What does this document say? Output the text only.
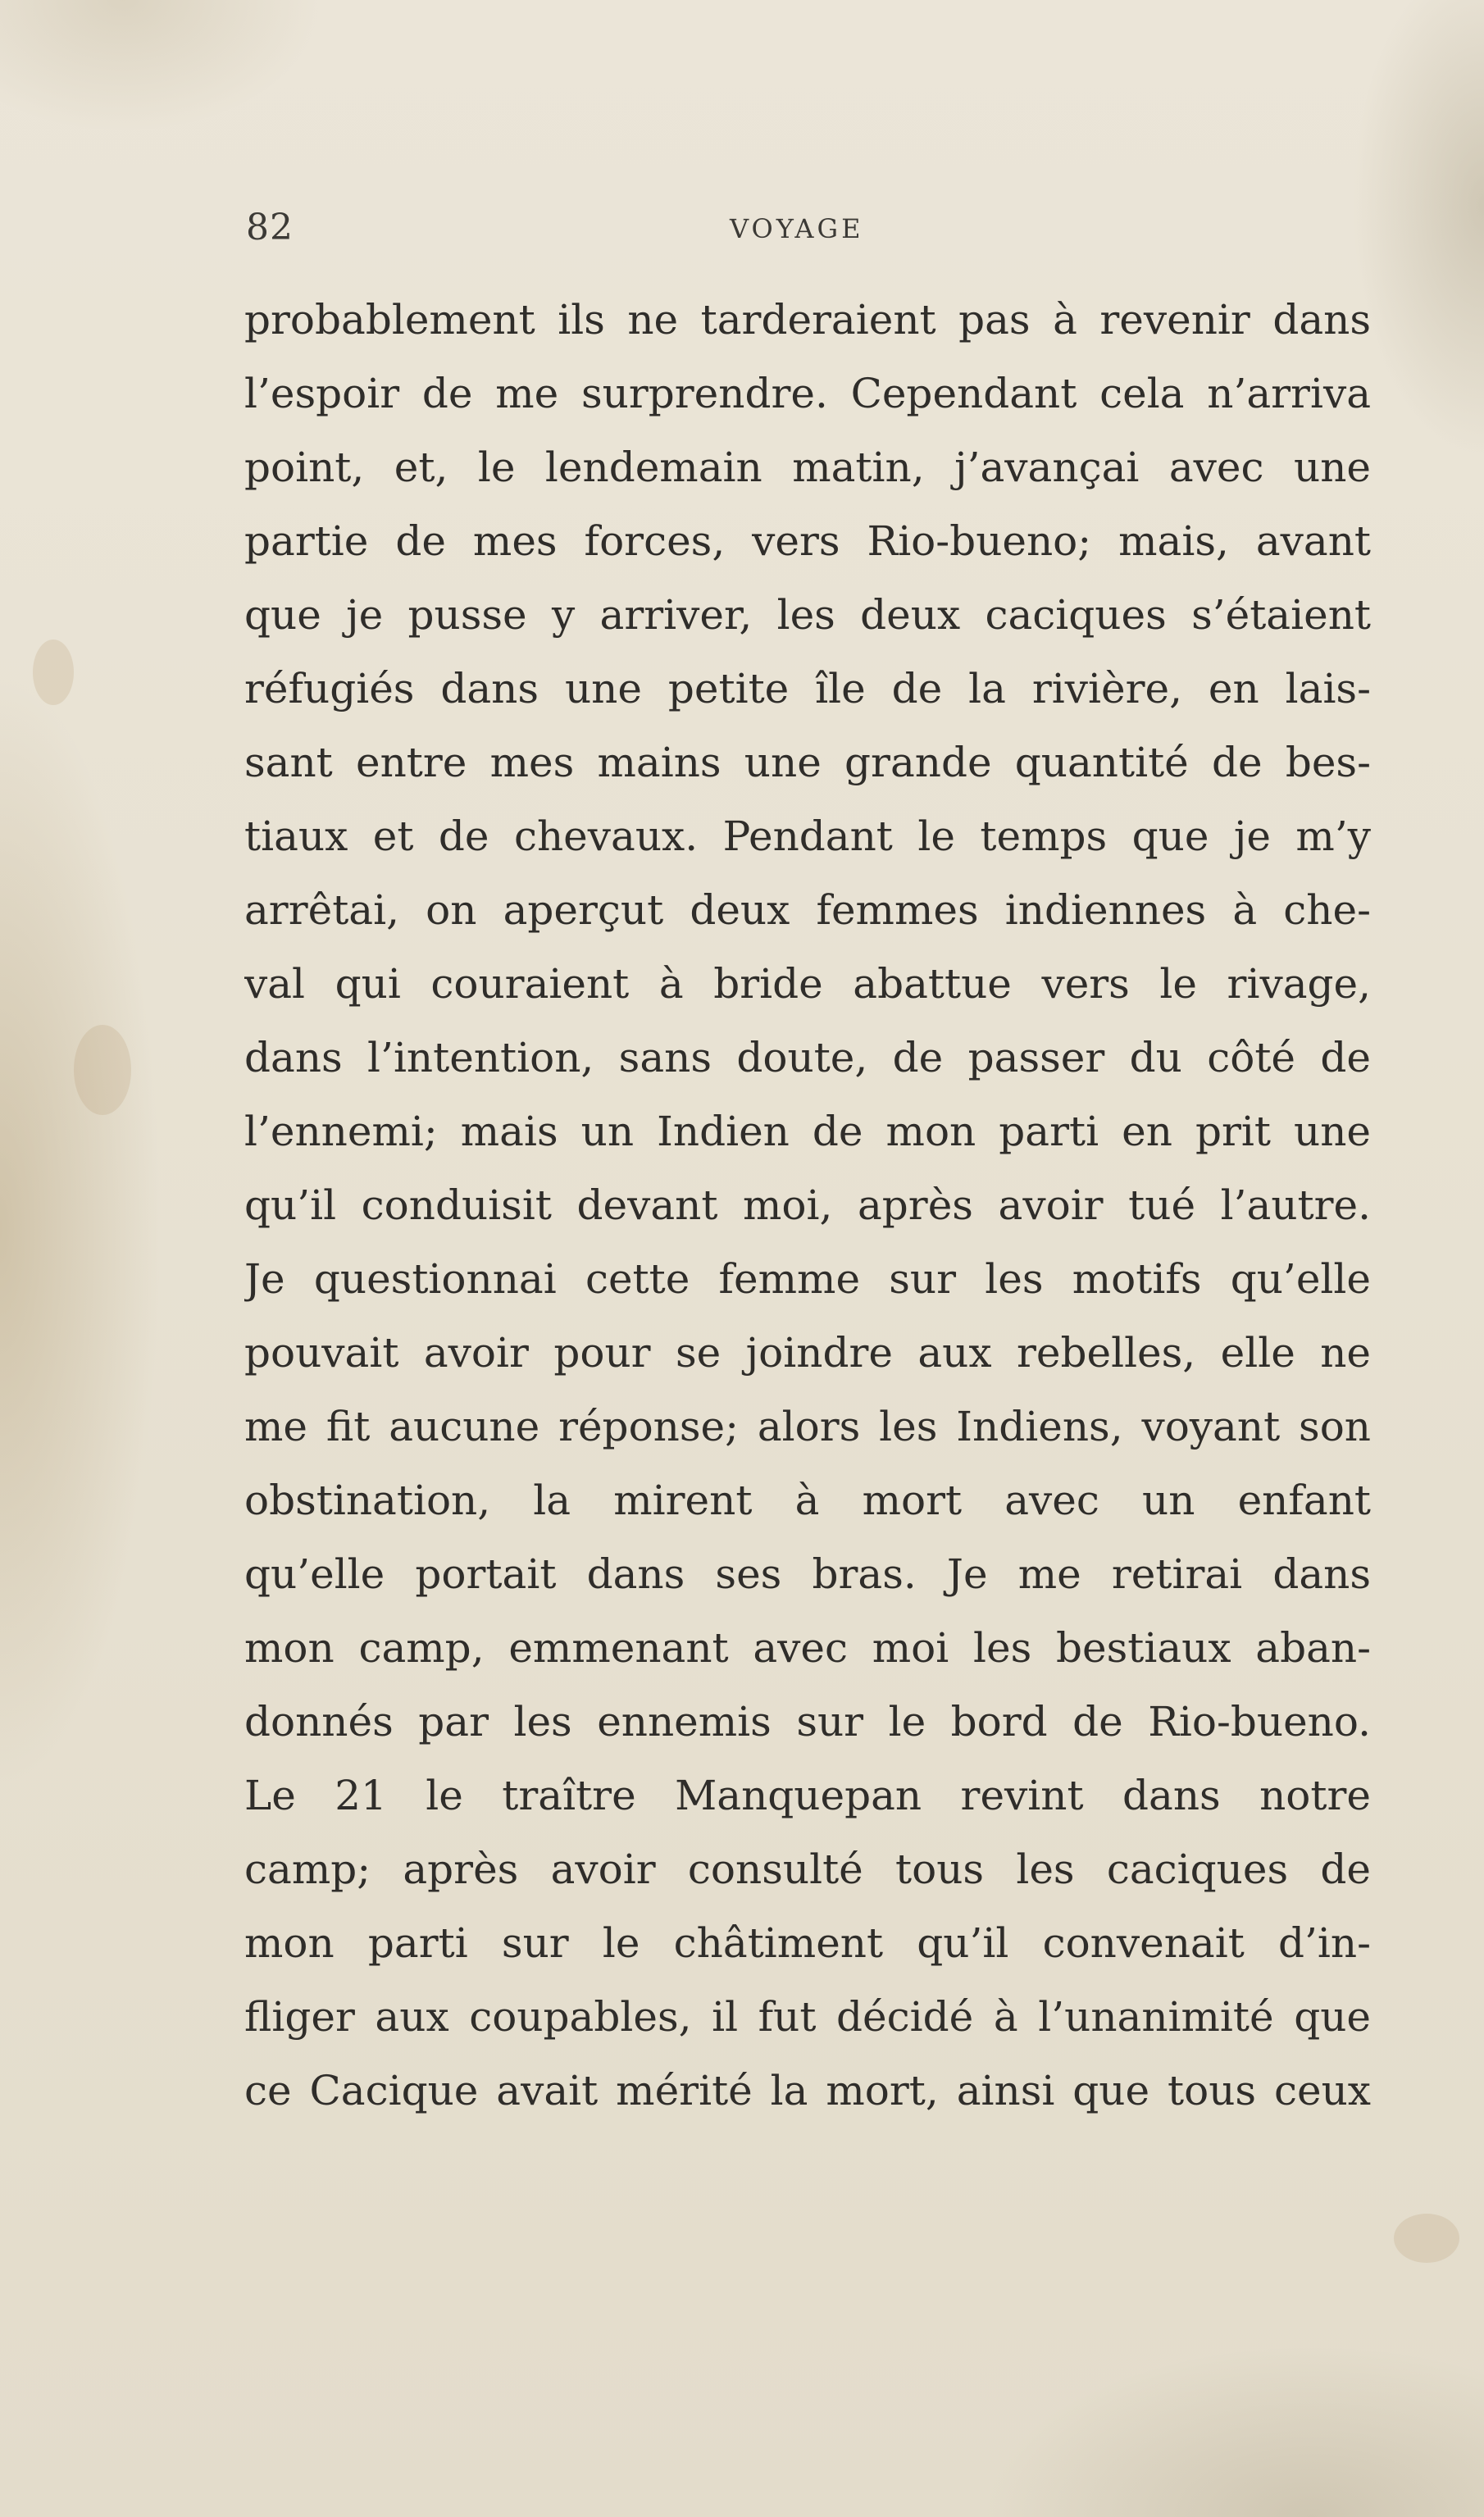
82	VOYAGE
probablement ils ne tarderaient pas à revenir dans
l’espoir de me surprendre. Cependant cela n’arriva
point, et, le lendemain matin, j’avançai avec une
partie de mes forces, vers Rio-bueno; mais, avant
que je pusse y arriver, les deux caciques s’étaient
réfugiés dans une petite île de la rivière, en lais-
sant entre mes mains une grande quantité de bes-
tiaux et de chevaux. Pendant le temps que je m’y
arrêtai, on aperçut deux femmes indiennes à che-
val qui couraient à bride abattue vers le rivage,
dans l’intention, sans doute, de passer du côté de
l’ennemi; mais un Indien de mon parti en prit une
qu’il conduisit devant moi, après avoir tué l’autre.
Je questionnai cette femme sur les motifs qu’elle
pouvait avoir pour se joindre aux rebelles, elle ne
me fit aucune réponse; alors les Indiens, voyant son
obstination, la mirent à mort avec un enfant
qu’elle portait dans ses bras. Je me retirai dans
mon camp, emmenant avec moi les bestiaux aban-
donnés par les ennemis sur le bord de Rio-bueno.
Le 21 le traître Manquepan revint dans notre
camp; après avoir consulté tous les caciques de
mon parti sur le châtiment qu’il convenait d’in-
fliger aux coupables, il fut décidé à l’unanimité que
ce Cacique avait mérité la mort, ainsi que tous ceux
